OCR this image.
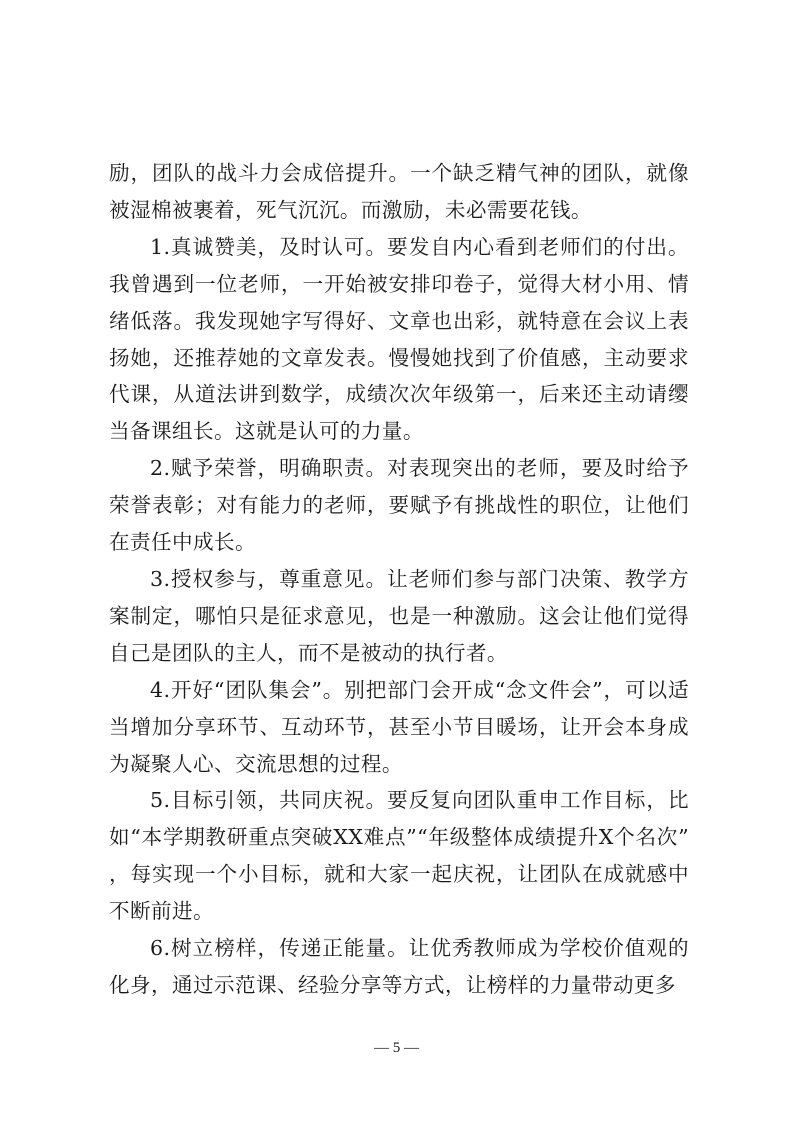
励，团队的战斗力会成倍提升。一个缺乏精气神的团队，就像被湿棉被裹着，死气沉沉。而激励，未必需要花钱。

1.真诚赞美，及时认可。要发自内心看到老师们的付出。我曾遇到一位老师，一开始被安排印卷子，觉得大材小用、情绪低落。我发现她字写得好、文章也出彩，就特意在会议上表扬她，还推荐她的文章发表。慢慢她找到了价值感，主动要求代课，从道法讲到数学，成绩次次年级第一，后来还主动请缨当备课组长。这就是认可的力量。

2.赋予荣誉，明确职责。对表现突出的老师，要及时给予荣誉表彰；对有能力的老师，要赋予有挑战性的职位，让他们在责任中成长。

3.授权参与，尊重意见。让老师们参与部门决策、教学方案制定，哪怕只是征求意见，也是一种激励。这会让他们觉得自己是团队的主人，而不是被动的执行者。

4.开好“团队集会”。别把部门会开成“念文件会”，可以适当增加分享环节、互动环节，甚至小节目暖场，让开会本身成为凝聚人心、交流思想的过程。

5.目标引领，共同庆祝。要反复向团队重申工作目标，比如“本学期教研重点突破XX难点”“年级整体成绩提升X个名次”，每实现一个小目标，就和大家一起庆祝，让团队在成就感中不断前进。

6.树立榜样，传递正能量。让优秀教师成为学校价值观的化身，通过示范课、经验分享等方式，让榜样的力量带动更多

— 5 —
